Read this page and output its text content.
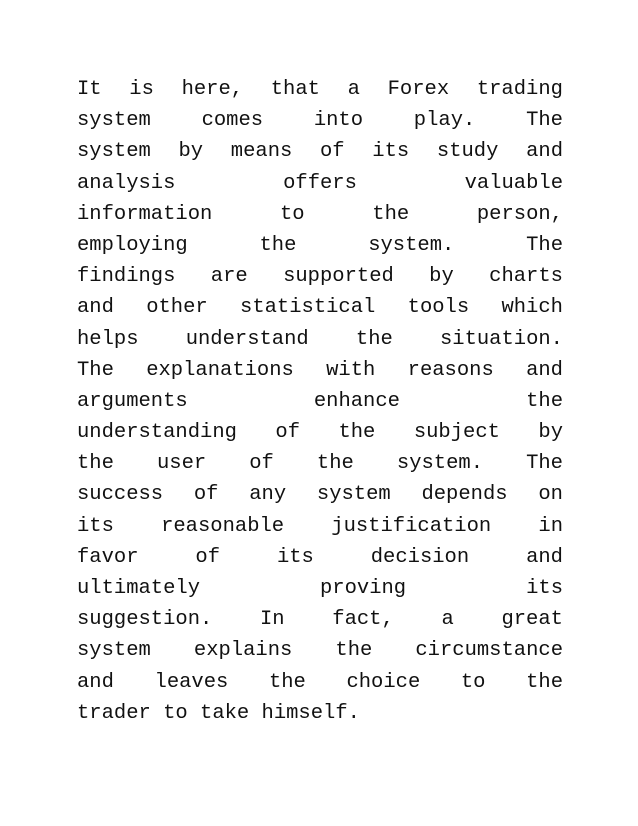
It is here, that a Forex trading
system comes into play. The
system by means of its study and
analysis	offers	valuable
information	to	the	person,
employing	the	system.	The
findings are supported by charts
and other statistical tools which
helps understand the situation.
The explanations with reasons and
arguments	enhance	the
understanding of the subject by
the user of the system. The
success of any system depends on
its reasonable justification in
favor	of	its	decision	and
ultimately	proving	its
suggestion. In fact, a great
system explains the circumstance
and leaves the choice to the
trader to take himself.
